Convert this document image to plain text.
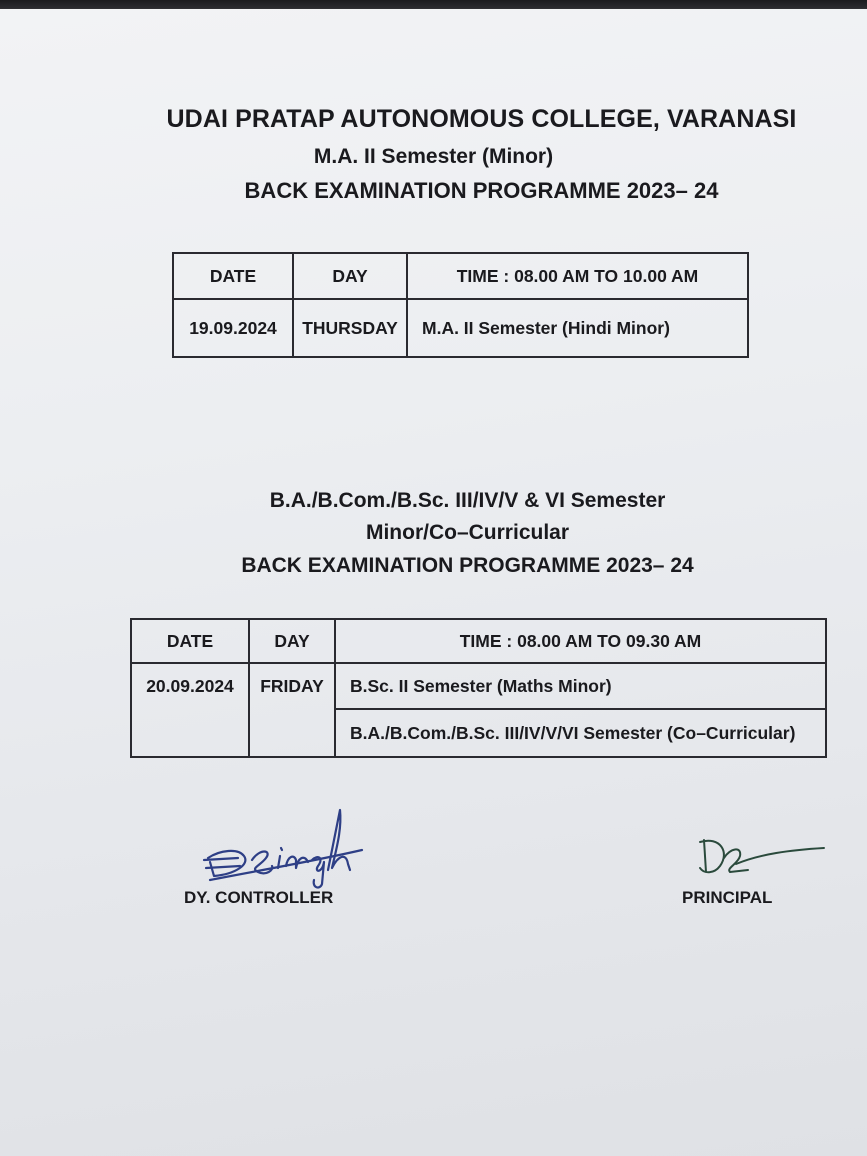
UDAI PRATAP AUTONOMOUS COLLEGE, VARANASI
M.A. II Semester (Minor)
BACK EXAMINATION PROGRAMME 2023– 24
DATE	DAY	TIME : 08.00 AM TO 10.00 AM
19.09.2024	THURSDAY	M.A. II Semester (Hindi Minor)
B.A./B.Com./B.Sc. III/IV/V & VI Semester
Minor/Co–Curricular
BACK EXAMINATION PROGRAMME 2023– 24
DATE	DAY	TIME : 08.00 AM TO 09.30 AM
20.09.2024	FRIDAY	B.Sc. II Semester (Maths Minor)
		B.A./B.Com./B.Sc. III/IV/V/VI Semester (Co–Curricular)
DY. CONTROLLER	PRINCIPAL
